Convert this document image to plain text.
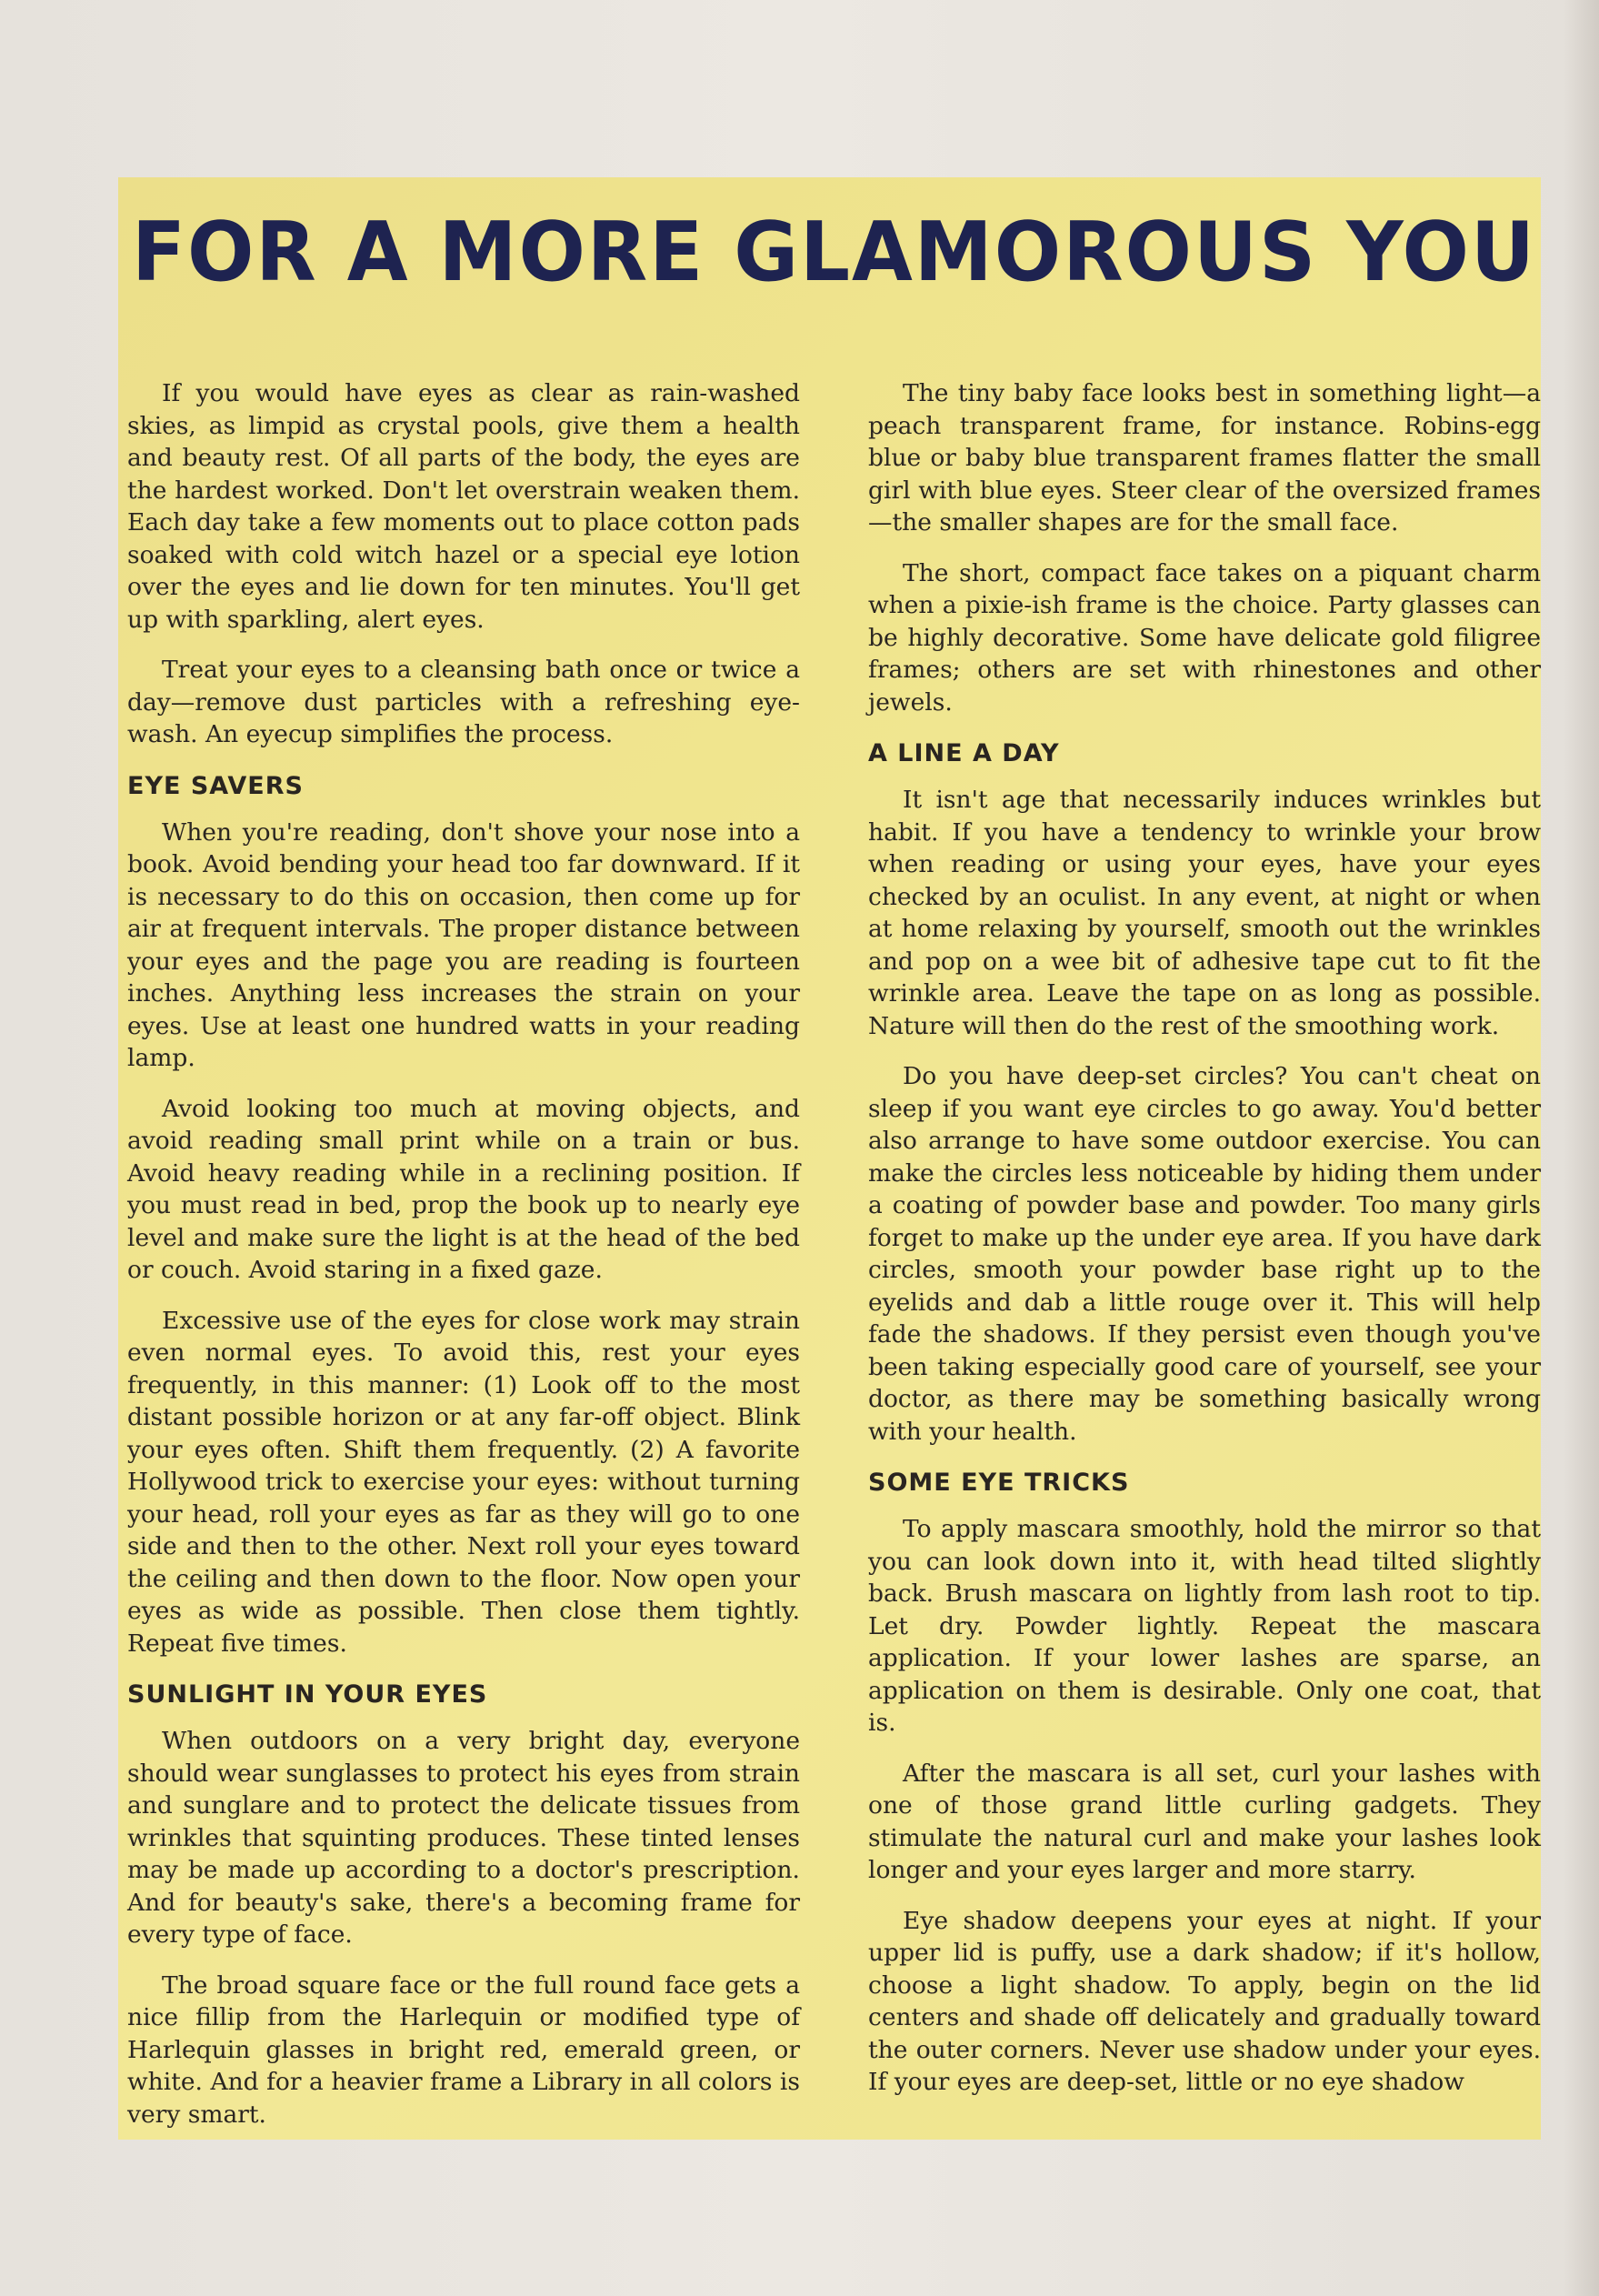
FOR A MORE GLAMOROUS YOU

If you would have eyes as clear as rain-washed skies, as limpid as crystal pools, give them a health and beauty rest. Of all parts of the body, the eyes are the hardest worked. Don't let overstrain weaken them. Each day take a few moments out to place cotton pads soaked with cold witch hazel or a special eye lotion over the eyes and lie down for ten minutes. You'll get up with sparkling, alert eyes.

Treat your eyes to a cleansing bath once or twice a day—remove dust particles with a refreshing eye-wash. An eyecup simplifies the process.

EYE SAVERS

When you're reading, don't shove your nose into a book. Avoid bending your head too far downward. If it is necessary to do this on occasion, then come up for air at frequent intervals. The proper distance between your eyes and the page you are reading is fourteen inches. Anything less increases the strain on your eyes. Use at least one hundred watts in your reading lamp.

Avoid looking too much at moving objects, and avoid reading small print while on a train or bus. Avoid heavy reading while in a reclining position. If you must read in bed, prop the book up to nearly eye level and make sure the light is at the head of the bed or couch. Avoid staring in a fixed gaze.

Excessive use of the eyes for close work may strain even normal eyes. To avoid this, rest your eyes frequently, in this manner: (1) Look off to the most distant possible horizon or at any far-off object. Blink your eyes often. Shift them frequently. (2) A favorite Hollywood trick to exercise your eyes: without turning your head, roll your eyes as far as they will go to one side and then to the other. Next roll your eyes toward the ceiling and then down to the floor. Now open your eyes as wide as possible. Then close them tightly. Repeat five times.

SUNLIGHT IN YOUR EYES

When outdoors on a very bright day, everyone should wear sunglasses to protect his eyes from strain and sunglare and to protect the delicate tissues from wrinkles that squinting produces. These tinted lenses may be made up according to a doctor's prescription. And for beauty's sake, there's a becoming frame for every type of face.

The broad square face or the full round face gets a nice fillip from the Harlequin or modified type of Harlequin glasses in bright red, emerald green, or white. And for a heavier frame a Library in all colors is very smart.

The tiny baby face looks best in something light—a peach transparent frame, for instance. Robins-egg blue or baby blue transparent frames flatter the small girl with blue eyes. Steer clear of the oversized frames—the smaller shapes are for the small face.

The short, compact face takes on a piquant charm when a pixie-ish frame is the choice. Party glasses can be highly decorative. Some have delicate gold filigree frames; others are set with rhinestones and other jewels.

A LINE A DAY

It isn't age that necessarily induces wrinkles but habit. If you have a tendency to wrinkle your brow when reading or using your eyes, have your eyes checked by an oculist. In any event, at night or when at home relaxing by yourself, smooth out the wrinkles and pop on a wee bit of adhesive tape cut to fit the wrinkle area. Leave the tape on as long as possible. Nature will then do the rest of the smoothing work.

Do you have deep-set circles? You can't cheat on sleep if you want eye circles to go away. You'd better also arrange to have some outdoor exercise. You can make the circles less noticeable by hiding them under a coating of powder base and powder. Too many girls forget to make up the under eye area. If you have dark circles, smooth your powder base right up to the eyelids and dab a little rouge over it. This will help fade the shadows. If they persist even though you've been taking especially good care of yourself, see your doctor, as there may be something basically wrong with your health.

SOME EYE TRICKS

To apply mascara smoothly, hold the mirror so that you can look down into it, with head tilted slightly back. Brush mascara on lightly from lash root to tip. Let dry. Powder lightly. Repeat the mascara application. If your lower lashes are sparse, an application on them is desirable. Only one coat, that is.

After the mascara is all set, curl your lashes with one of those grand little curling gadgets. They stimulate the natural curl and make your lashes look longer and your eyes larger and more starry.

Eye shadow deepens your eyes at night. If your upper lid is puffy, use a dark shadow; if it's hollow, choose a light shadow. To apply, begin on the lid centers and shade off delicately and gradually toward the outer corners. Never use shadow under your eyes. If your eyes are deep-set, little or no eye shadow
